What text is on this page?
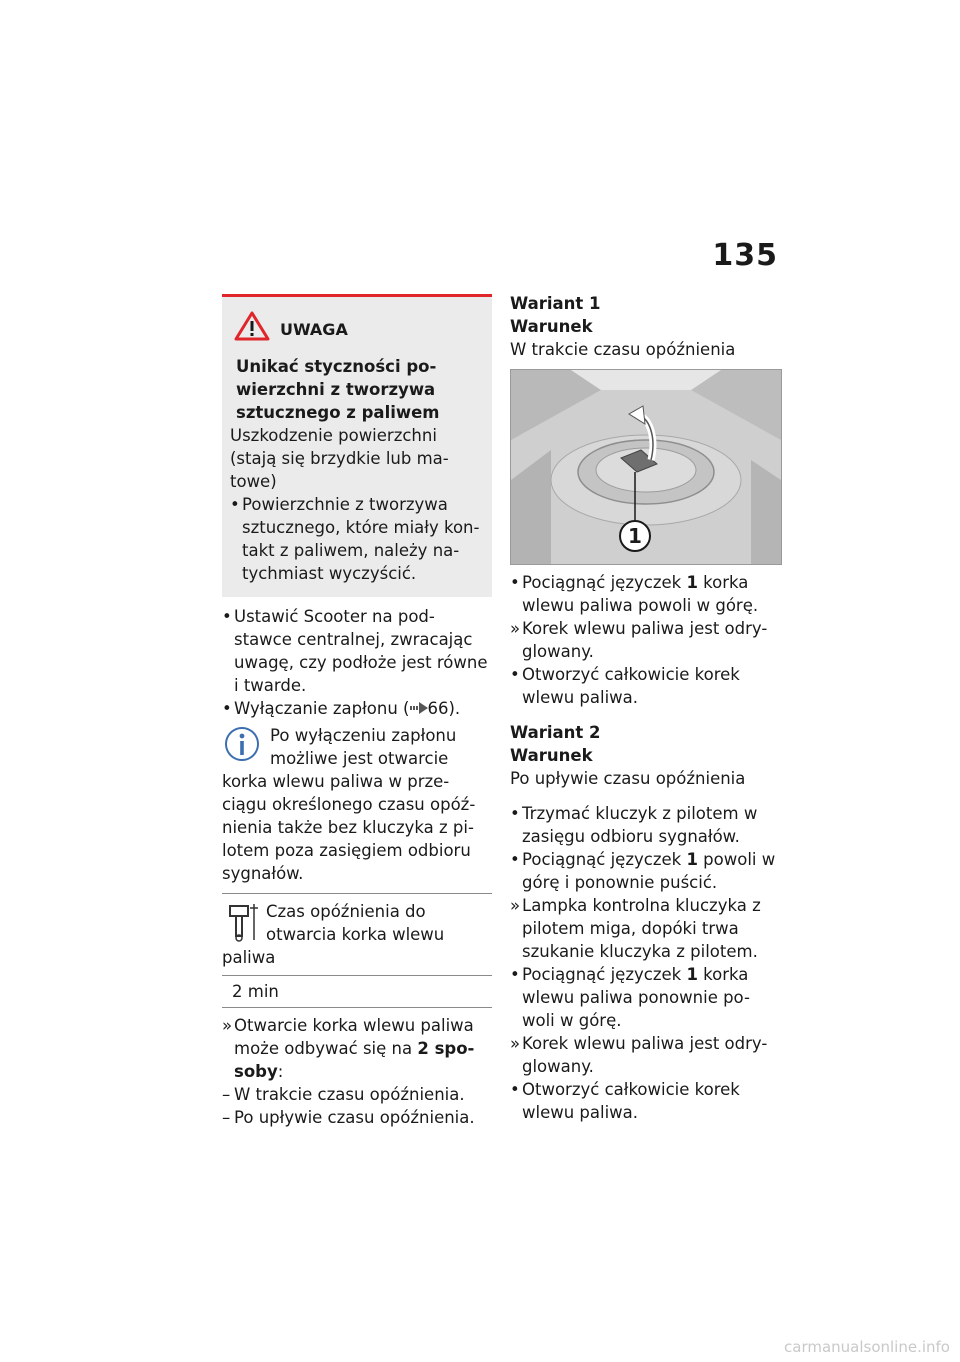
135
UWAGA

Unikać styczności po-wierzchni z tworzywa sztucznego z paliwem

Uszkodzenie powierzchni (stają się brzydkie lub ma-towe)

• Powierzchnie z tworzywa sztucznego, które miały kon-takt z paliwem, należy na-tychmiast wyczyścić.
• Ustawić Scooter na pod-stawce centralnej, zwracając uwagę, czy podłoże jest równe i twarde.
• Wyłączanie zapłonu ( 66).

Po wyłączeniu zapłonu możliwe jest otwarcie korka wlewu paliwa w prze-ciągu określonego czasu opóź-nienia także bez kluczyka z pi-lotem poza zasięgiem odbioru sygnałów.

Czas opóźnienia do otwarcia korka wlewu paliwa

2 min
» Otwarcie korka wlewu paliwa może odbywać się na 2 spo-soby:
– W trakcie czasu opóźnienia.
– Po upływie czasu opóźnienia.

Wariant 1

Warunek

W trakcie czasu opóźnienia

1
• Pociągnąć języczek 1 korka wlewu paliwa powoli w górę.
» Korek wlewu paliwa jest odry-glowany.
• Otworzyć całkowicie korek wlewu paliwa.

Wariant 2

Warunek

Po upływie czasu opóźnienia

• Trzymać kluczyk z pilotem w zasięgu odbioru sygnałów.
• Pociągnąć języczek 1 powoli w górę i ponownie puścić.
» Lampka kontrolna kluczyka z pilotem miga, dopóki trwa szukanie kluczyka z pilotem.
• Pociągnąć języczek 1 korka wlewu paliwa ponownie po-woli w górę.
» Korek wlewu paliwa jest odry-glowany.
• Otworzyć całkowicie korek wlewu paliwa.
carmanualsonline.info
